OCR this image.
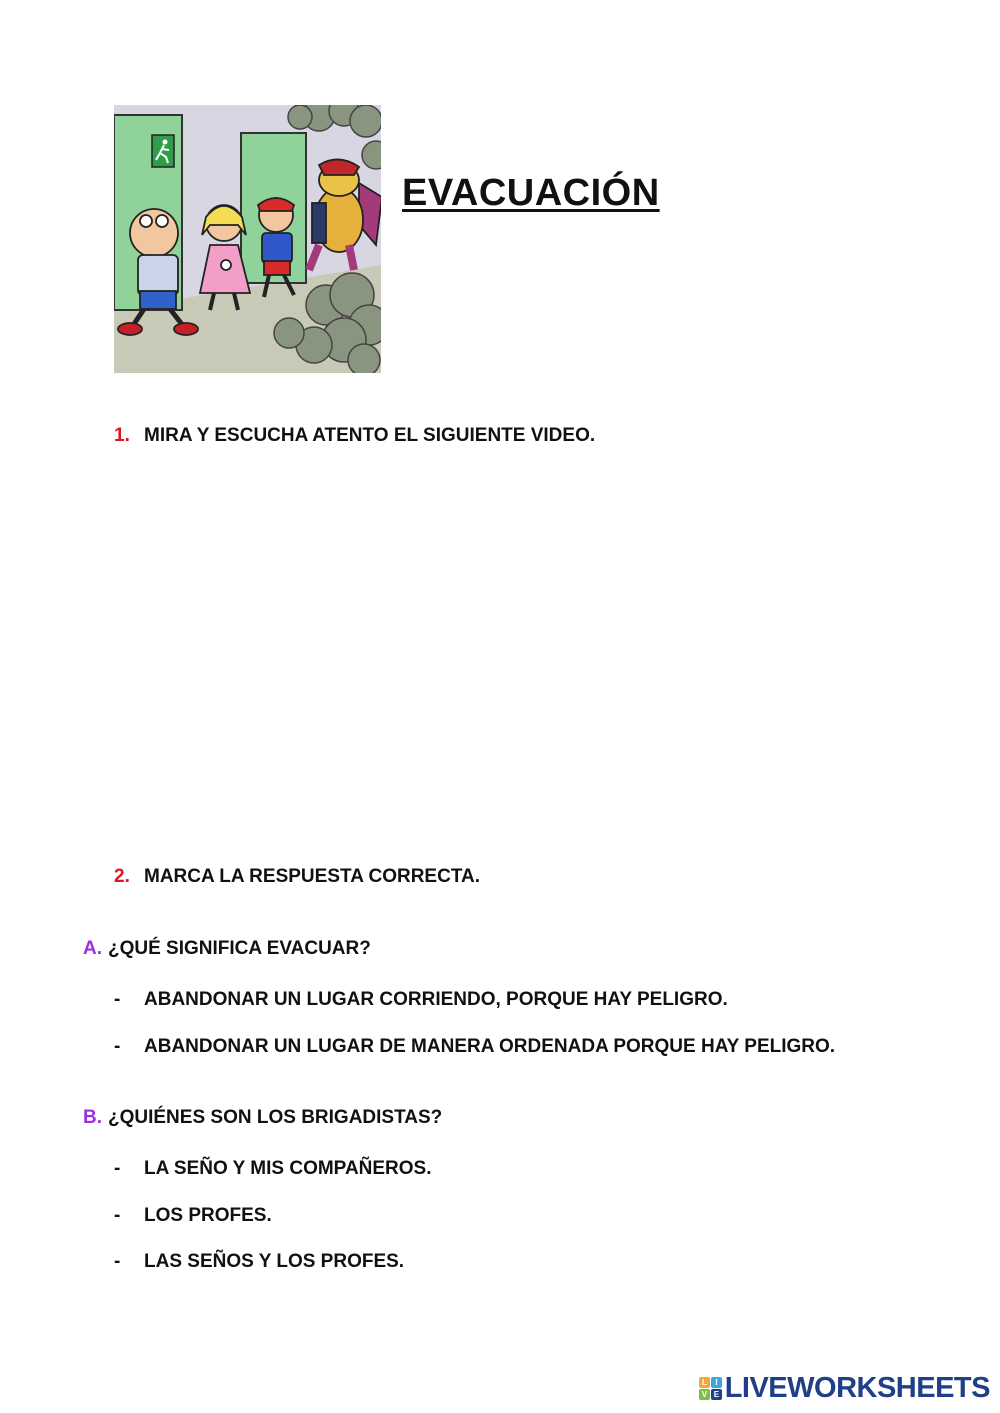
EVACUACIÓN
1. MIRA Y ESCUCHA ATENTO EL SIGUIENTE VIDEO.
2. MARCA LA RESPUESTA CORRECTA.
A. ¿QUÉ SIGNIFICA EVACUAR?
- ABANDONAR UN LUGAR CORRIENDO, PORQUE HAY PELIGRO.
- ABANDONAR UN LUGAR DE MANERA ORDENADA PORQUE HAY PELIGRO.
B. ¿QUIÉNES SON LOS BRIGADISTAS?
- LA SEÑO Y MIS COMPAÑEROS.
- LOS PROFES.
- LAS SEÑOS Y LOS PROFES.
L	I
V E LIVEWORKSHEETS
